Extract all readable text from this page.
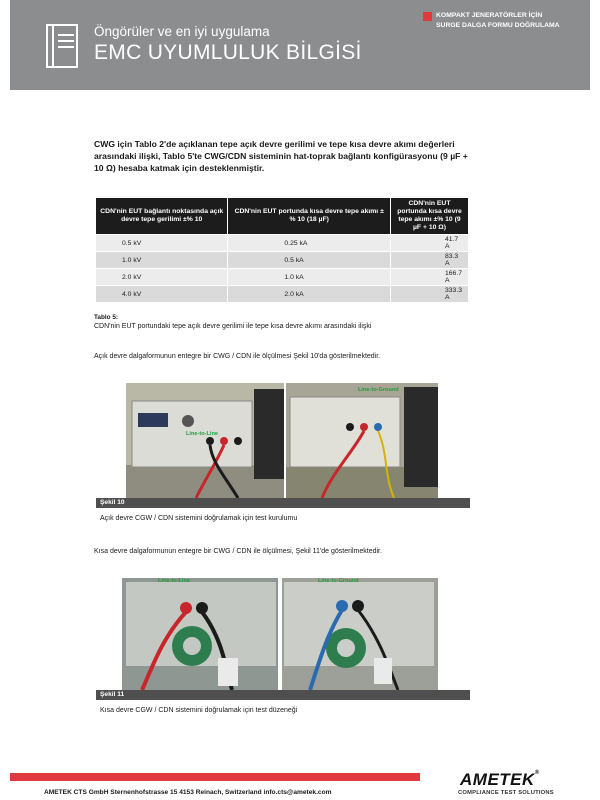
Öngörüler ve en iyi uygulama
EMC UYUMLULUK BİLGİSİ
KOMPAKT JENERATÖRLER İÇİN
SURGE DALGA FORMU DOĞRULAMA
CWG için Tablo 2'de açıklanan tepe açık devre gerilimi ve tepe kısa devre akımı değerleri arasındaki ilişki, Tablo 5'te CWG/CDN sisteminin hat-toprak bağlantı konfigürasyonu (9 µF + 10 Ω) hesaba katmak için desteklenmiştir.
CDN'nin EUT bağlantı noktasında açık devre tepe gerilimi ±% 10	CDN'nin EUT portunda kısa devre tepe akımı ±% 10 (18 µF)	CDN'nin EUT portunda kısa devre tepe akımı ±% 10 (9 µF + 10 Ω)
0.5 kV	0.25 kA	41.7 A
1.0 kV	0.5 kA	83.3 A
2.0 kV	1.0 kA	166.7 A
4.0 kV	2.0 kA	333.3 A
Tablo 5:
CDN'nin EUT portundaki tepe açık devre gerilimi ile tepe kısa devre akımı arasındaki ilişki
Açık devre dalgaformunun entegre bir CWG / CDN ile ölçülmesi Şekil 10'da gösterilmektedir.
Line-to-Line
Line-to-Ground
Şekil 10
Açık devre CGW / CDN sistemini doğrulamak için test kurulumu
Kısa devre dalgaformunun entegre bir CWG / CDN ile ölçülmesi, Şekil 11'de gösterilmektedir.
Line-to-Line	Line-to-Ground
Şekil 11
Kısa devre CGW / CDN sistemini doğrulamak için test düzeneği
AMETEK CTS GmbH Sternenhofstrasse 15 4153 Reinach, Switzerland info.cts@ametek.com
AMETEK®
COMPLIANCE TEST SOLUTIONS
